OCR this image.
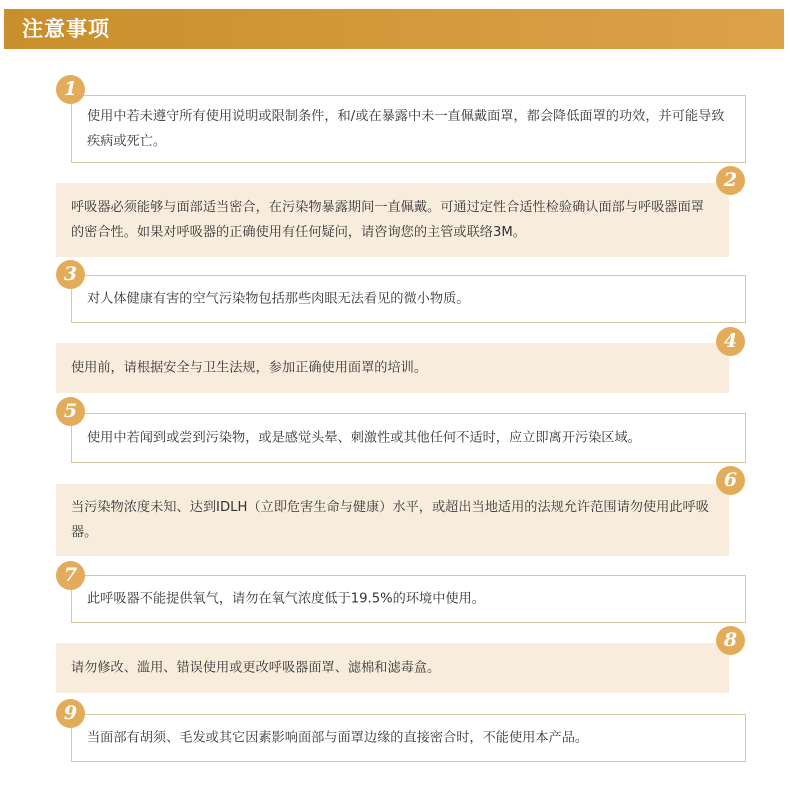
注意事项
使用中若未遵守所有使用说明或限制条件，和/或在暴露中未一直佩戴面罩，都会降低面罩的功效，并可能导致疾病或死亡。
1
呼吸器必须能够与面部适当密合，在污染物暴露期间一直佩戴。可通过定性合适性检验确认面部与呼吸器面罩的密合性。如果对呼吸器的正确使用有任何疑问，请咨询您的主管或联络3M。
2
对人体健康有害的空气污染物包括那些肉眼无法看见的微小物质。
3
使用前，请根据安全与卫生法规，参加正确使用面罩的培训。
4
使用中若闻到或尝到污染物，或是感觉头晕、刺激性或其他任何不适时，应立即离开污染区域。
5
当污染物浓度未知、达到IDLH（立即危害生命与健康）水平，或超出当地适用的法规允许范围请勿使用此呼吸器。
6
此呼吸器不能提供氧气，请勿在氧气浓度低于19.5%的环境中使用。
7
请勿修改、滥用、错误使用或更改呼吸器面罩、滤棉和滤毒盒。
8
当面部有胡须、毛发或其它因素影响面部与面罩边缘的直接密合时，不能使用本产品。
9
